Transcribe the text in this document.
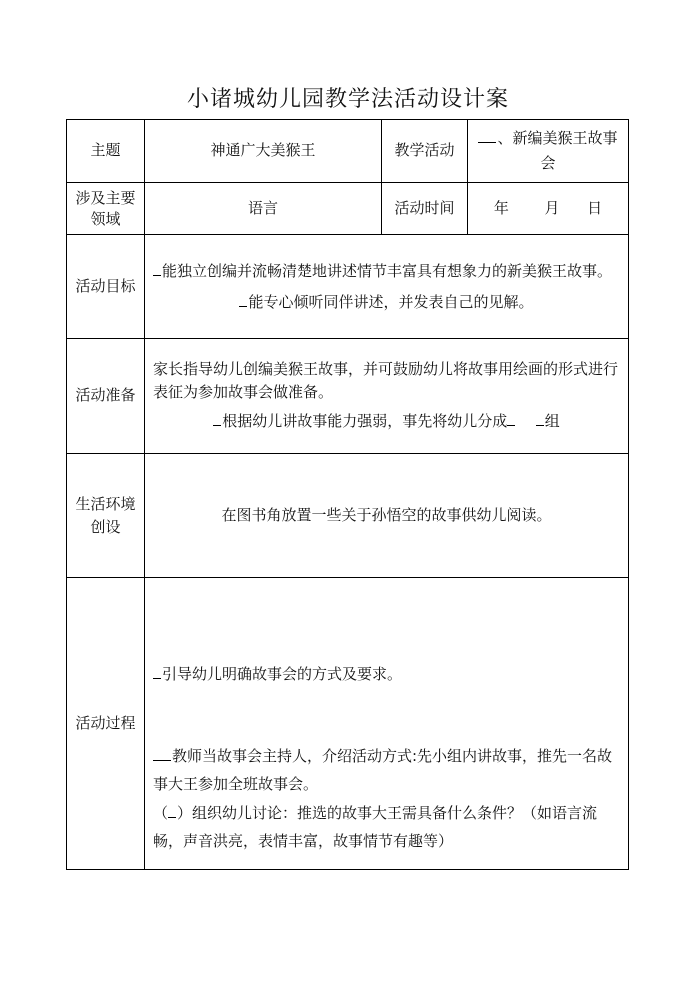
小诸城幼儿园教学法活动设计案
主题	神通广大美猴王	教学活动	、新编美猴王故事会
涉及主要领域	语言	活动时间	年 月 日
活动目标	能独立创编并流畅清楚地讲述情节丰富具有想象力的新美猴王故事。

能专心倾听同伴讲述，并发表自己的见解。		

活动准备	家长指导幼儿创编美猴王故事，并可鼓励幼儿将故事用绘画的形式进行表征为参加故事会做准备。

根据幼儿讲故事能力强弱，事先将幼儿分成 组		

生活环境创设	在图书角放置一些关于孙悟空的故事供幼儿阅读。		
活动过程	引导幼儿明确故事会的方式及要求。

教师当故事会主持人，介绍活动方式:先小组内讲故事，推先一名故事大王参加全班故事会。

（ ）组织幼儿讨论：推选的故事大王需具备什么条件？（如语言流畅，声音洪亮，表情丰富，故事情节有趣等）		
